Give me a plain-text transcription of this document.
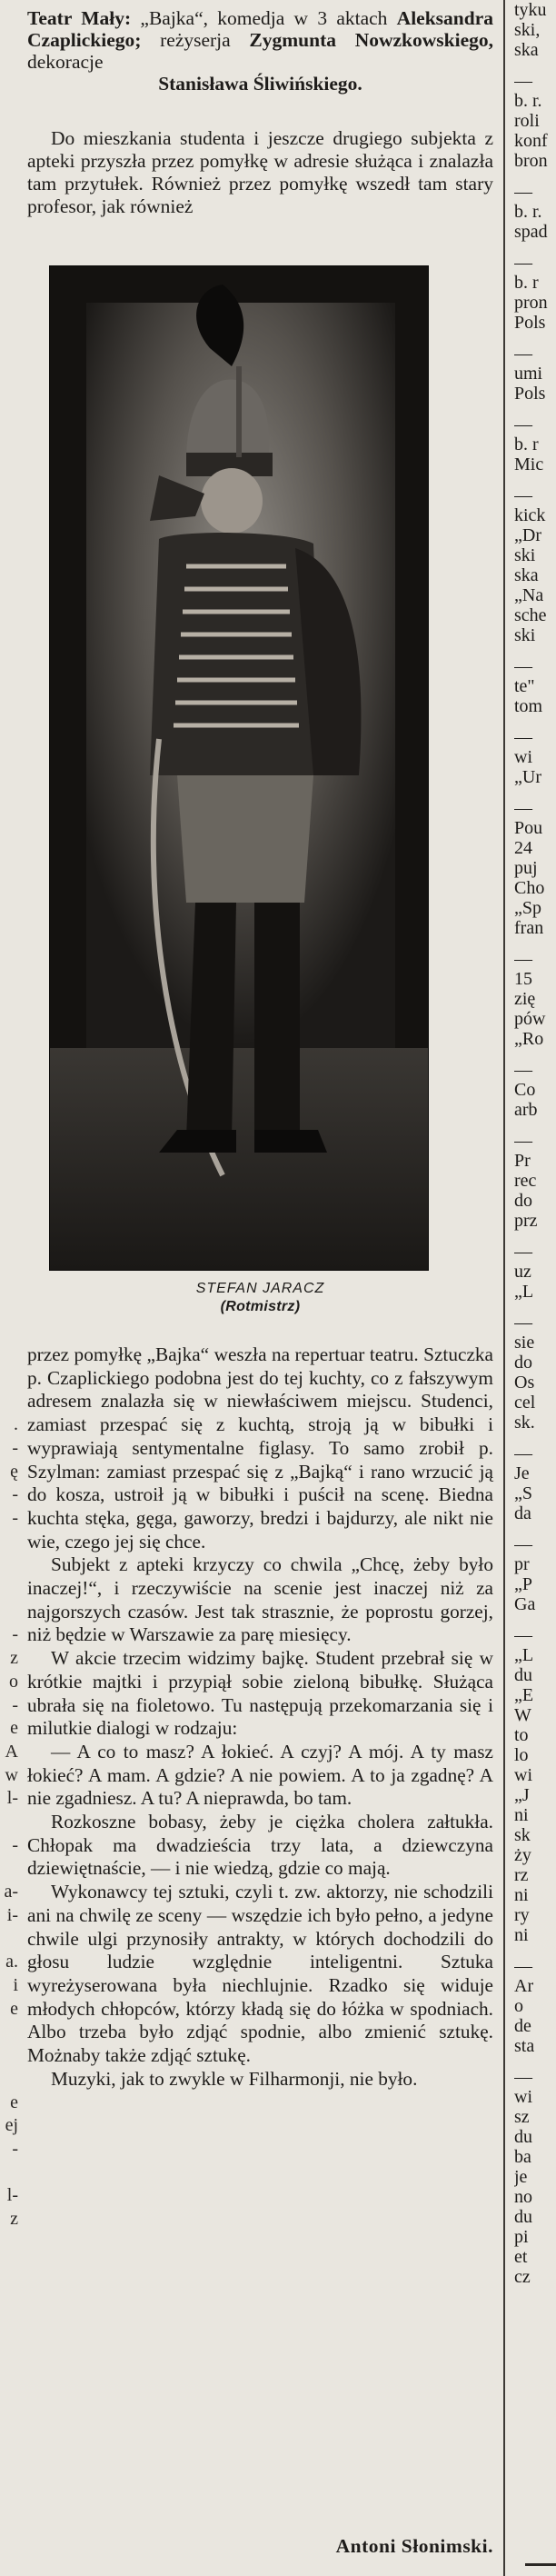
.
-
ę
-
-

-
z
o
-
e
A
w
l-

-

a-
i-

a.
i
e

e
ej
-

l-
z

Teatr Mały: „Bajka“, komedja w 3 aktach Aleksandra Czaplickiego; reżyserja Zygmunta Nowzkowskiego, dekoracje
Stanisława Śliwińskiego.

Do mieszkania studenta i jeszcze drugiego subjekta z apteki przyszła przez pomyłkę w adresie służąca i znalazła tam przytułek. Również przez pomyłkę wszedł tam stary profesor, jak również

STEFAN JARACZ
(Rotmistrz)

przez pomyłkę „Bajka“ weszła na repertuar teatru. Sztuczka p. Czaplickiego podobna jest do tej kuchty, co z fałszywym adresem znalazła się w niewłaściwem miejscu. Studenci, zamiast przespać się z kuchtą, stroją ją w bibułki i wyprawiają sentymentalne figlasy. To samo zrobił p. Szylman: zamiast przespać się z „Bajką“ i rano wrzucić ją do kosza, ustroił ją w bibułki i puścił na scenę. Biedna kuchta stęka, gęga, gaworzy, bredzi i bajdurzy, ale nikt nie wie, czego jej się chce.

Subjekt z apteki krzyczy co chwila „Chcę, żeby było inaczej!“, i rzeczywiście na scenie jest inaczej niż za najgorszych czasów. Jest tak strasznie, że poprostu gorzej, niż będzie w Warszawie za parę miesięcy.

W akcie trzecim widzimy bajkę. Student przebrał się w krótkie majtki i przypiął sobie zieloną bibułkę. Służąca ubrała się na fioletowo. Tu następują przekomarzania się i milutkie dialogi w rodzaju:

— A co to masz? A łokieć. A czyj? A mój. A ty masz łokieć? A mam. A gdzie? A nie powiem. A to ja zgadnę? A nie zgadniesz. A tu? A nieprawda, bo tam.

Rozkoszne bobasy, żeby je ciężka cholera załtukła. Chłopak ma dwadzieścia trzy lata, a dziewczyna dziewiętnaście, — i nie wiedzą, gdzie co mają.

Wykonawcy tej sztuki, czyli t. zw. aktorzy, nie schodzili ani na chwilę ze sceny — wszędzie ich było pełno, a jedyne chwile ulgi przynosiły antrakty, w których dochodzili do głosu ludzie względnie inteligentni. Sztuka wyreżyserowana była niechlujnie. Rzadko się widuje młodych chłopców, którzy kładą się do łóżka w spodniach. Albo trzeba było zdjąć spodnie, albo zmienić sztukę. Możnaby także zdjąć sztukę.

Muzyki, jak to zwykle w Filharmonji, nie było.

Antoni Słonimski.
tyku
ski,
ska
—
b. r.
roli
konf
bron
—
b. r.
spad
—
b. r
pron
Pols
—
umi
Pols
—
b. r
Mic
—
kick
„Dr
ski
ska
„Na
sche
ski
—
te"
tom
—
wi
„Ur
—
Pou
24
puj
Cho
„Sp
fran
—
15
zię
pów
„Ro
—
Co
arb
—
Pr
rec
do
prz
—
uz
„L
—
sie
do
Os
cel
sk.
—
Je
„S
da
—
pr
„P
Ga
—
„L
du
„E
W
to
lo
wi
„J
ni
sk
ży
rz
ni
ry
ni
—
Ar
o
de
sta
—
wi
sz
du
ba
je
no
du
pi
et
cz
